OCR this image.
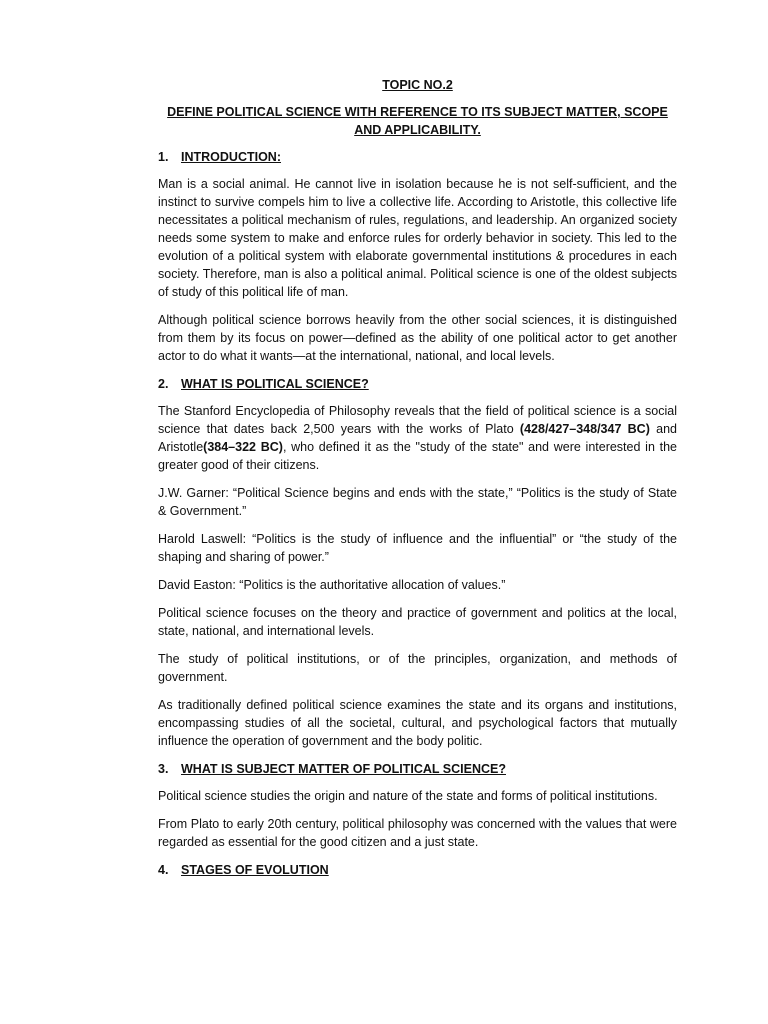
TOPIC NO.2
DEFINE POLITICAL SCIENCE WITH REFERENCE TO ITS SUBJECT MATTER, SCOPE AND APPLICABILITY.
1.	INTRODUCTION:

Man is a social animal. He cannot live in isolation because he is not self-sufficient, and the instinct to survive compels him to live a collective life. According to Aristotle, this collective life necessitates a political mechanism of rules, regulations, and leadership. An organized society needs some system to make and enforce rules for orderly behavior in society. This led to the evolution of a political system with elaborate governmental institutions & procedures in each society. Therefore, man is also a political animal. Political science is one of the oldest subjects of study of this political life of man.

Although political science borrows heavily from the other social sciences, it is distinguished from them by its focus on power—defined as the ability of one political actor to get another actor to do what it wants—at the international, national, and local levels.

2.	WHAT IS POLITICAL SCIENCE?

The Stanford Encyclopedia of Philosophy reveals that the field of political science is a social science that dates back 2,500 years with the works of Plato (428/427–348/347 BC) and Aristotle(384–322 BC), who defined it as the "study of the state" and were interested in the greater good of their citizens.

J.W. Garner: “Political Science begins and ends with the state,” “Politics is the study of State & Government.”

Harold Laswell: “Politics is the study of influence and the influential” or “the study of the shaping and sharing of power.”

David Easton: “Politics is the authoritative allocation of values.”

Political science focuses on the theory and practice of government and politics at the local, state, national, and international levels.

The study of political institutions, or of the principles, organization, and methods of government.

As traditionally defined political science examines the state and its organs and institutions, encompassing studies of all the societal, cultural, and psychological factors that mutually influence the operation of government and the body politic.

3.	WHAT IS SUBJECT MATTER OF POLITICAL SCIENCE?

Political science studies the origin and nature of the state and forms of political institutions.

From Plato to early 20th century, political philosophy was concerned with the values that were regarded as essential for the good citizen and a just state.

4.	STAGES OF EVOLUTION
